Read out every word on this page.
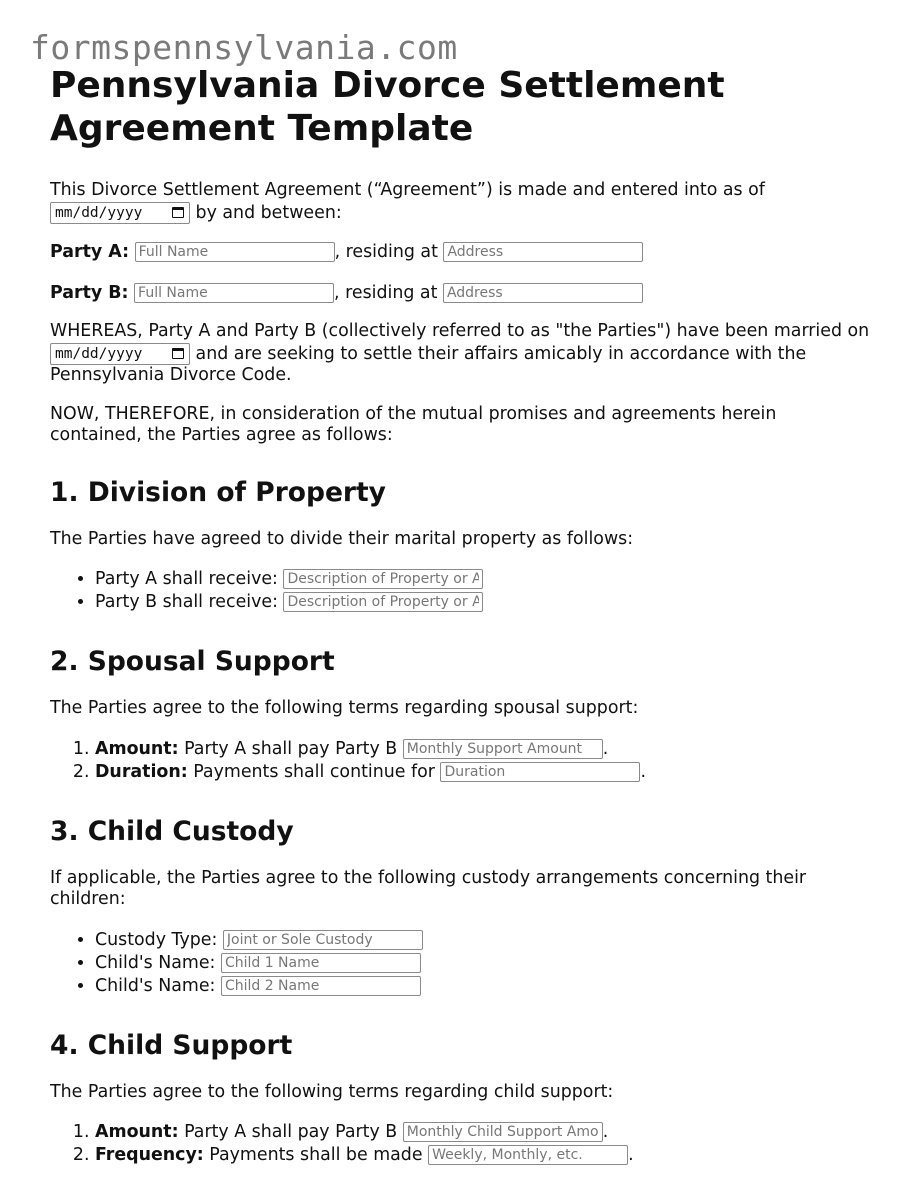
formspennsylvania.com
Pennsylvania Divorce Settlement Agreement Template

This Divorce Settlement Agreement (“Agreement”) is made and entered into as of mm/dd/yyyy	by and between:

Party A: Full Name	, residing at Address

Party B: Full Name	, residing at Address

WHEREAS, Party A and Party B (collectively referred to as "the Parties") have been married on mm/dd/yyyy	and are seeking to settle their affairs amicably in accordance with the Pennsylvania Divorce Code.

NOW, THEREFORE, in consideration of the mutual promises and agreements herein contained, the Parties agree as follows:

1. Division of Property

The Parties have agreed to divide their marital property as follows:

• Party A shall receive: Description of Property or Assets
• Party B shall receive: Description of Property or Assets
2. Spousal Support

The Parties agree to the following terms regarding spousal support:

1. Amount: Party A shall pay Party B Monthly Support Amount	.
2. Duration: Payments shall continue for Duration	.
3. Child Custody

If applicable, the Parties agree to the following custody arrangements concerning their children:

• Custody Type: Joint or Sole Custody
• Child's Name: Child 1 Name
• Child's Name: Child 2 Name
4. Child Support

The Parties agree to the following terms regarding child support:

1. Amount: Party A shall pay Party B Monthly Child Support Amount	.
2. Frequency: Payments shall be made Weekly, Monthly, etc.	.
